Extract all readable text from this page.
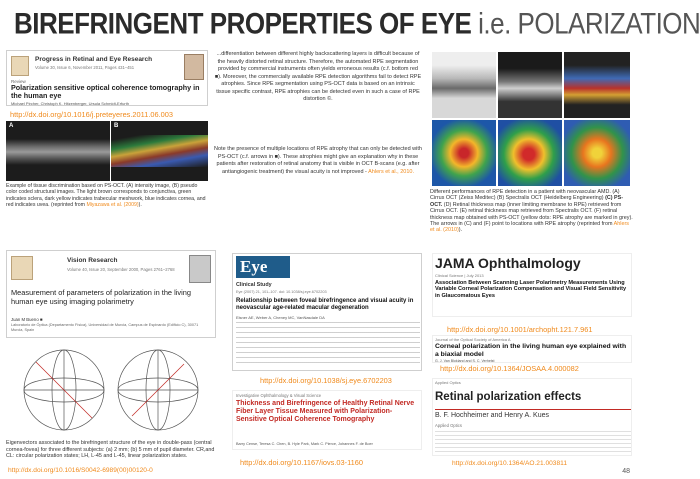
BIREFRINGENT PROPERTIES OF EYE i.e. POLARIZATION
Progress in Retinal and Eye Research
Volume 30, Issue 6, November 2011, Pages 431–451
Review
Polarization sensitive optical coherence tomography in the human eye
Michael Pircher, Christoph K. Hitzenberger, Ursula Schmidt-Erfurth
http://dx.doi.org/10.1016/j.preteyeres.2011.06.003
A	B
Example of tissue discrimination based on PS-OCT. (A) intensity image, (B) pseudo color coded structural images. The light brown corresponds to conjunctiva, green indicates sclera, dark yellow indicates trabecular meshwork, blue indicates cornea, and red indicates uvea. (reprinted from Miyazawa et al. (2009)).
...differentiation between different highly backscattering layers is difficult because of the heavily distorted retinal structure. Therefore, the automated RPE segmentation provided by commercial instruments often yields erroneous results (c.f. bottom red ■). Moreover, the commercially available RPE detection algorithms fail to detect RPE atrophies. Since RPE segmentation using PS-OCT data is based on an intrinsic tissue specific contrast, RPE atrophies can be detected even in such a case of RPE distortion ©.
Note the presence of multiple locations of RPE atrophy that can only be detected with PS-OCT (c.f. arrows in ■). These atrophies might give an explanation why in these patients after restoration of retinal anatomy that is visible in OCT B-scans (e.g. after antiangiogenic treatment) the visual acuity is not improved - Ahlers et al., 2010.
Different performances of RPE detection in a patient with neovascular AMD. (A) Cirrus OCT (Zeiss Meditec) (B) Spectralis OCT (Heidelberg Engineering) (C) PS-OCT. (D) Retinal thickness map (inner limiting membrane to RPE) retrieved from Cirrus OCT. (E) retinal thickness map retrieved from Spectralis OCT. (F) retinal thickness map obtained with PS-OCT (yellow dots: RPE atrophy are marked in grey). The arrows in (C) and (F) point to locations with RPE atrophy (reprinted from Ahlers et al. (2010)).
Vision Research
Volume 40, Issue 20, September 2000, Pages 2761–2768
Measurement of parameters of polarization in the living human eye using imaging polarimetry
Juan M Bueno ■
Laboratorio de Óptica (Departamento Física), Universidad de Murcia, Campus de Espinardo (Edificio C), 30071 Murcia, Spain
Eigenvectors associated to the birefringent structure of the eye in double-pass (central cornea-fovea) for three different subjects: (a) 2 mm; (b) 5 mm of pupil diameter. CR,and CL: circular polarization states; LH, L-45 and L-45, linear polarization states.
http://dx.doi.org/10.1016/S0042-6989(00)00120-0
Eye
Clinical Study
Eye (2007) 21, 101–107. doi: 10.1038/sj.eye.6702203
Relationship between foveal birefringence and visual acuity in neovascular age-related macular degeneration
Elsner AE, Weber A, Cheney MC, VanNasdale DA
http://dx.doi.org/10.1038/sj.eye.6702203
Investigative Ophthalmology & Visual Science
Thickness and Birefringence of Healthy Retinal Nerve Fiber Layer Tissue Measured with Polarization-Sensitive Optical Coherence Tomography
Barry Cense, Teresa C. Chen, B. Hyle Park, Mark C. Pierce, Johannes F. de Boer
http://dx.doi.org/10.1167/iovs.03-1160
JAMA Ophthalmology
Clinical Science | July 2013
Association Between Scanning Laser Polarimetry Measurements Using Variable Corneal Polarization Compensation and Visual Field Sensitivity in Glaucomatous Eyes
http://dx.doi.org/10.1001/archopht.121.7.961
Journal of the Optical Society of America A
Corneal polarization in the living human eye explained with a biaxial model
G. J. Van Blokland and S. C. Verhelst
http://dx.doi.org/10.1364/JOSAA.4.000082
Applied Optics
Retinal polarization effects
B. F. Hochheimer and Henry A. Kues
Applied Optics
http://dx.doi.org/10.1364/AO.21.003811
48
